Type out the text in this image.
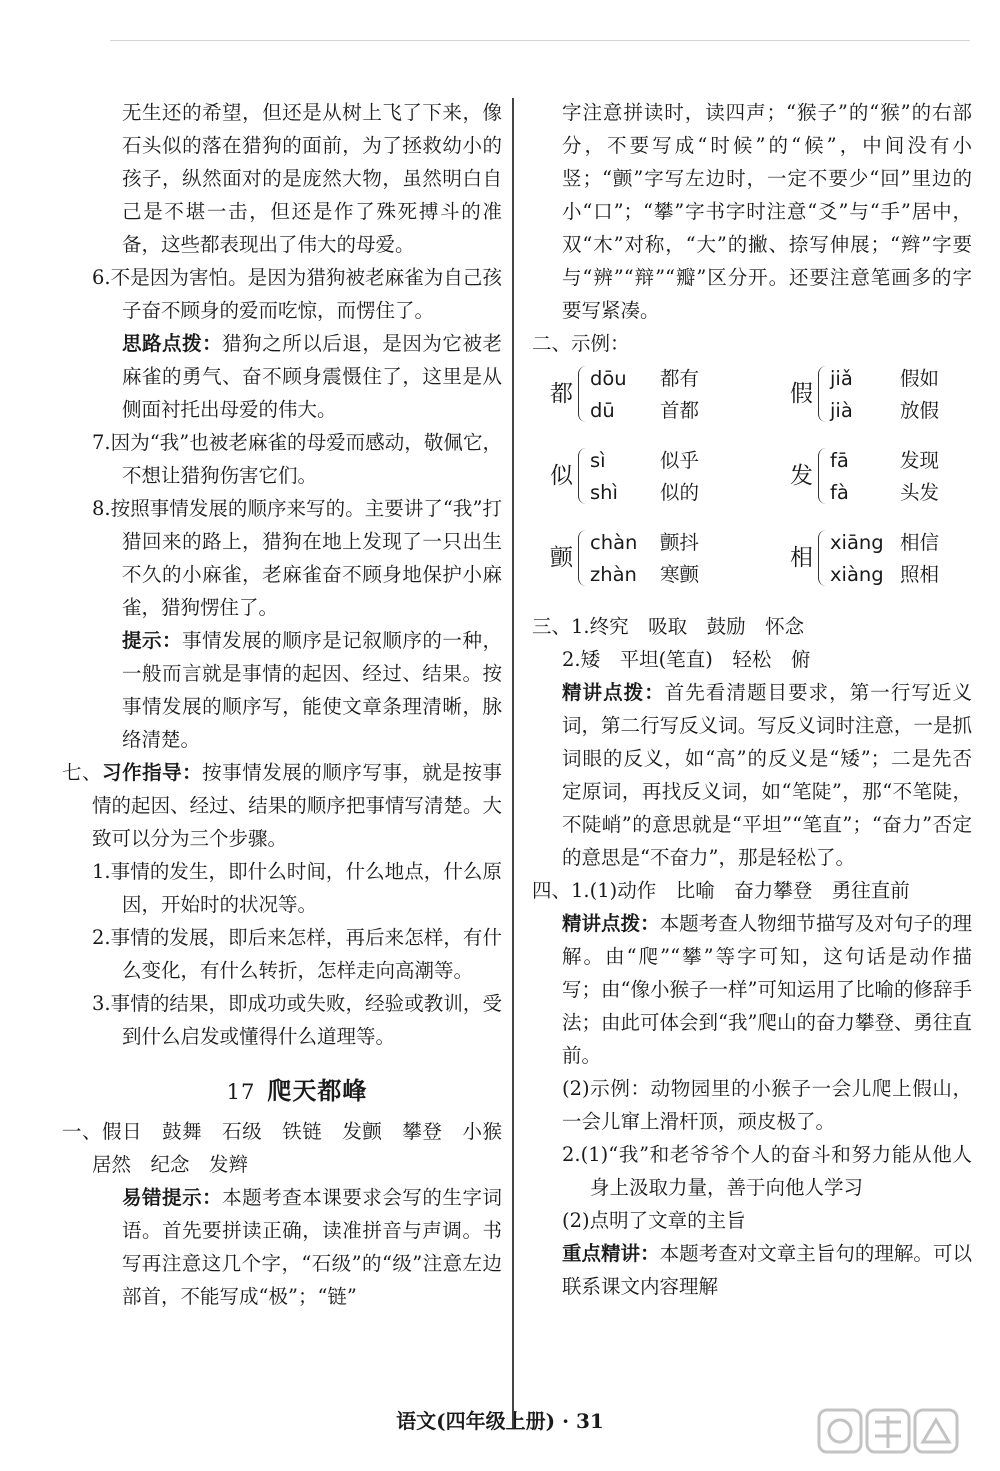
无生还的希望，但还是从树上飞了下来，像石头似的落在猎狗的面前，为了拯救幼小的孩子，纵然面对的是庞然大物，虽然明白自己是不堪一击，但还是作了殊死搏斗的准备，这些都表现出了伟大的母爱。

6.不是因为害怕。是因为猎狗被老麻雀为自己孩子奋不顾身的爱而吃惊，而愣住了。

思路点拨：猎狗之所以后退，是因为它被老麻雀的勇气、奋不顾身震慑住了，这里是从侧面衬托出母爱的伟大。

7.因为“我”也被老麻雀的母爱而感动，敬佩它，不想让猎狗伤害它们。

8.按照事情发展的顺序来写的。主要讲了“我”打猎回来的路上，猎狗在地上发现了一只出生不久的小麻雀，老麻雀奋不顾身地保护小麻雀，猎狗愣住了。

提示：事情发展的顺序是记叙顺序的一种，一般而言就是事情的起因、经过、结果。按事情发展的顺序写，能使文章条理清晰，脉络清楚。

七、习作指导：按事情发展的顺序写事，就是按事情的起因、经过、结果的顺序把事情写清楚。大致可以分为三个步骤。

1.事情的发生，即什么时间，什么地点，什么原因，开始时的状况等。

2.事情的发展，即后来怎样，再后来怎样，有什么变化，有什么转折，怎样走向高潮等。

3.事情的结果，即成功或失败，经验或教训，受到什么启发或懂得什么道理等。

17 爬天都峰

一、假日　鼓舞　石级　铁链　发颤　攀登　小猴　居然　纪念　发辫

易错提示：本题考查本课要求会写的生字词语。首先要拼读正确，读准拼音与声调。书写再注意这几个字，“石级”的“级”注意左边部首，不能写成“极”；“链”

字注意拼读时，读四声；“猴子”的“猴”的右部分，不要写成“时候”的“候”，中间没有小竖；“颤”字写左边时，一定不要少“回”里边的小“口”；“攀”字书字时注意“爻”与“手”居中，双“木”对称，“大”的撇、捺写伸展；“辫”字要与“辨”“辩”“瓣”区分开。还要注意笔画多的字要写紧凑。

二、示例：

都
dōu 都有
dū 首都
假
jiǎ 假如
jià 放假
似
sì	似乎
shì 似的
发
fā	发现
fà	头发
颤
chàn 颤抖
zhàn 寒颤
相
xiāng 相信
xiàng 照相

三、1.终究　吸取　鼓励　怀念

2.矮　平坦(笔直)　轻松　俯

精讲点拨：首先看清题目要求，第一行写近义词，第二行写反义词。写反义词时注意，一是抓词眼的反义，如“高”的反义是“矮”；二是先否定原词，再找反义词，如“笔陡”，那“不笔陡，不陡峭”的意思就是“平坦”“笔直”；“奋力”否定的意思是“不奋力”，那是轻松了。

四、1.(1)动作　比喻　奋力攀登　勇往直前

精讲点拨：本题考查人物细节描写及对句子的理解。由“爬”“攀”等字可知，这句话是动作描写；由“像小猴子一样”可知运用了比喻的修辞手法；由此可体会到“我”爬山的奋力攀登、勇往直前。

(2)示例：动物园里的小猴子一会儿爬上假山，一会儿窜上滑杆顶，顽皮极了。

2.(1)“我”和老爷爷个人的奋斗和努力能从他人身上汲取力量，善于向他人学习

(2)点明了文章的主旨

重点精讲：本题考查对文章主旨句的理解。可以联系课文内容理解

语文(四年级上册) · 31
